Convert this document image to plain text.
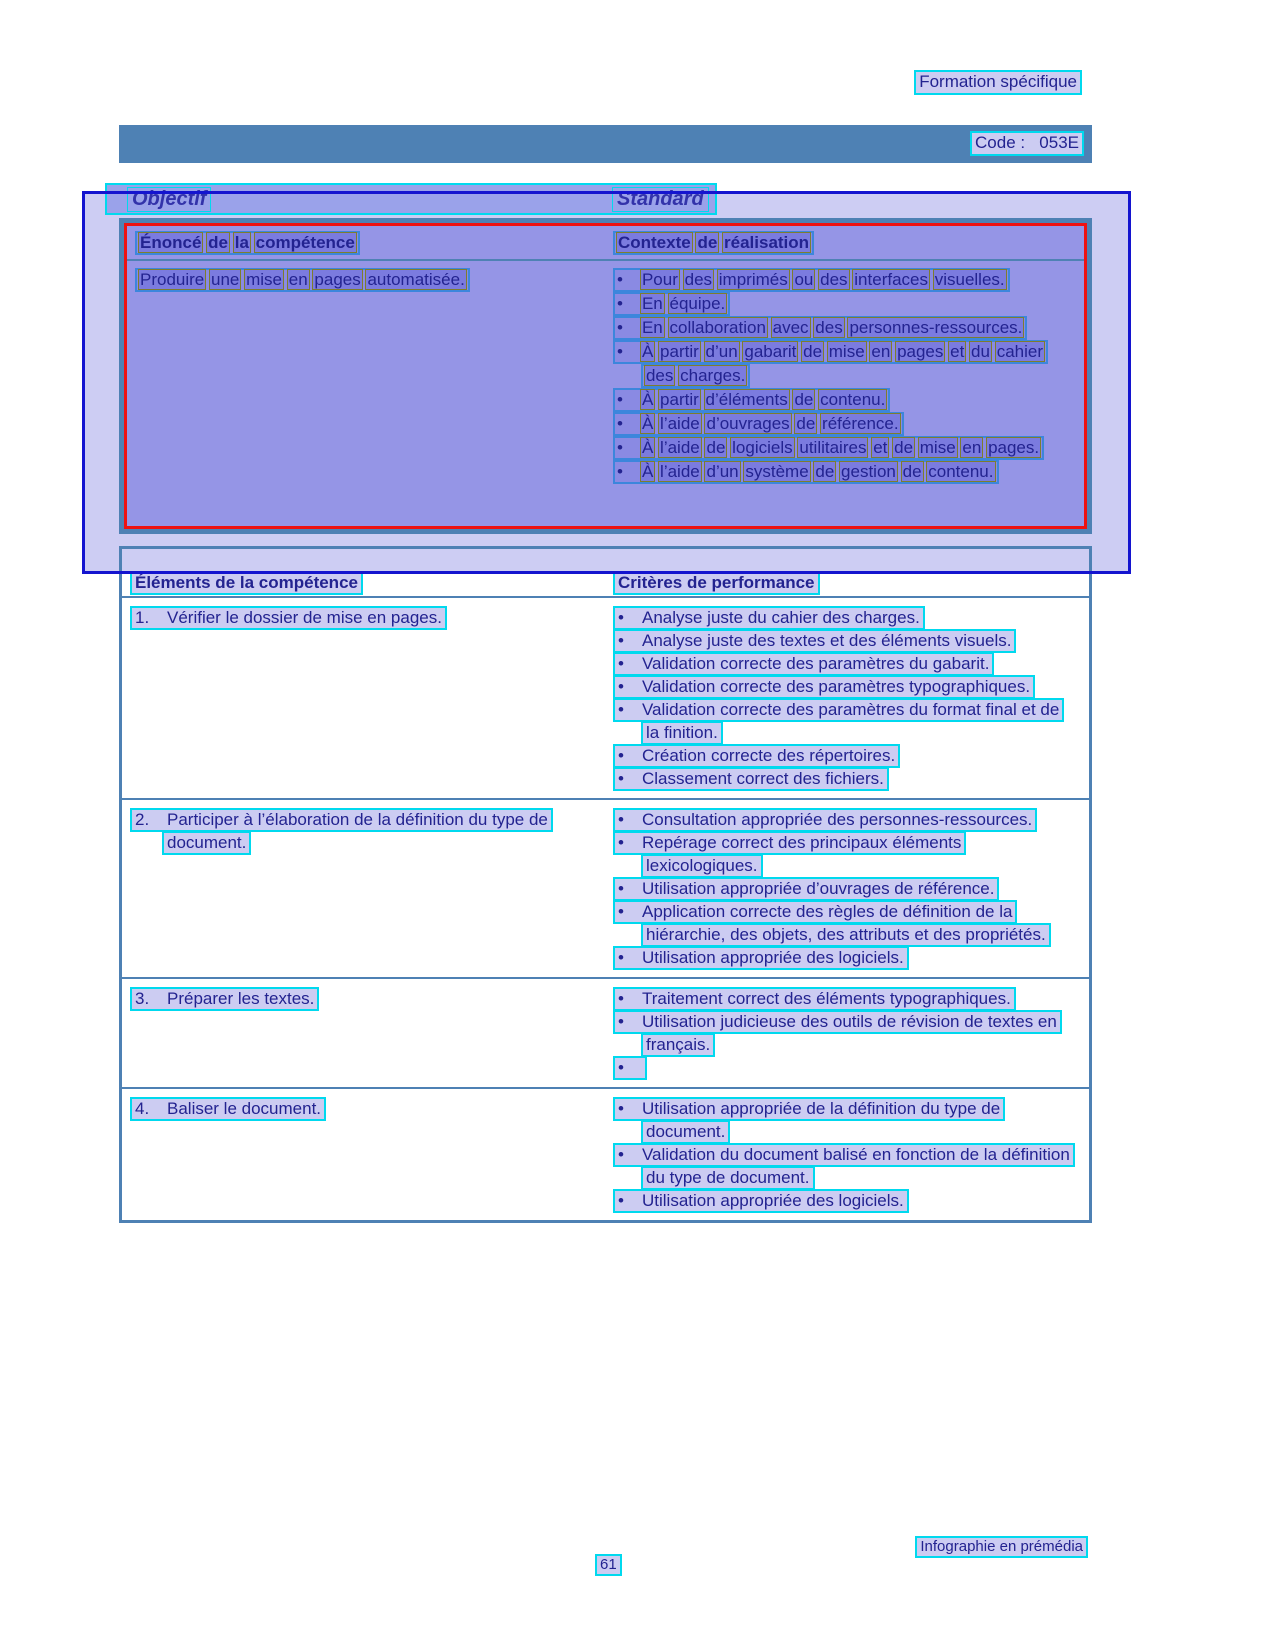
Formation spécifique
Code :   053E
Objectif	Standard
Énoncé de la compétence	Contexte de réalisation
Produire une mise en pages automatisée.	• Pour des imprimés ou des interfaces visuelles.
• En équipe.
• En collaboration avec des personnes-ressources.
• À partir d’un gabarit de mise en pages et du cahier des charges.
• À partir d’éléments de contenu.
• À l’aide d’ouvrages de référence.
• À l’aide de logiciels utilitaires et de mise en pages.
• À l’aide d’un système de gestion de contenu.
Éléments de la compétence	Critères de performance
1. Vérifier le dossier de mise en pages.	• Analyse juste du cahier des charges.
• Analyse juste des textes et des éléments visuels.
• Validation correcte des paramètres du gabarit.
• Validation correcte des paramètres typographiques.
• Validation correcte des paramètres du format final et de la finition.
• Création correcte des répertoires.
• Classement correct des fichiers.
2. Participer à l’élaboration de la définition du type de document.
• Consultation appropriée des personnes-ressources.
• Repérage correct des principaux éléments lexicologiques.
• Utilisation appropriée d’ouvrages de référence.
• Application correcte des règles de définition de la hiérarchie, des objets, des attributs et des propriétés.
• Utilisation appropriée des logiciels.
3. Préparer les textes.	• Traitement correct des éléments typographiques.
• Utilisation judicieuse des outils de révision de textes en français.
•
4. Baliser le document.	• Utilisation appropriée de la définition du type de document.
• Validation du document balisé en fonction de la définition du type de document.
• Utilisation appropriée des logiciels.
Infographie en prémédia
61
